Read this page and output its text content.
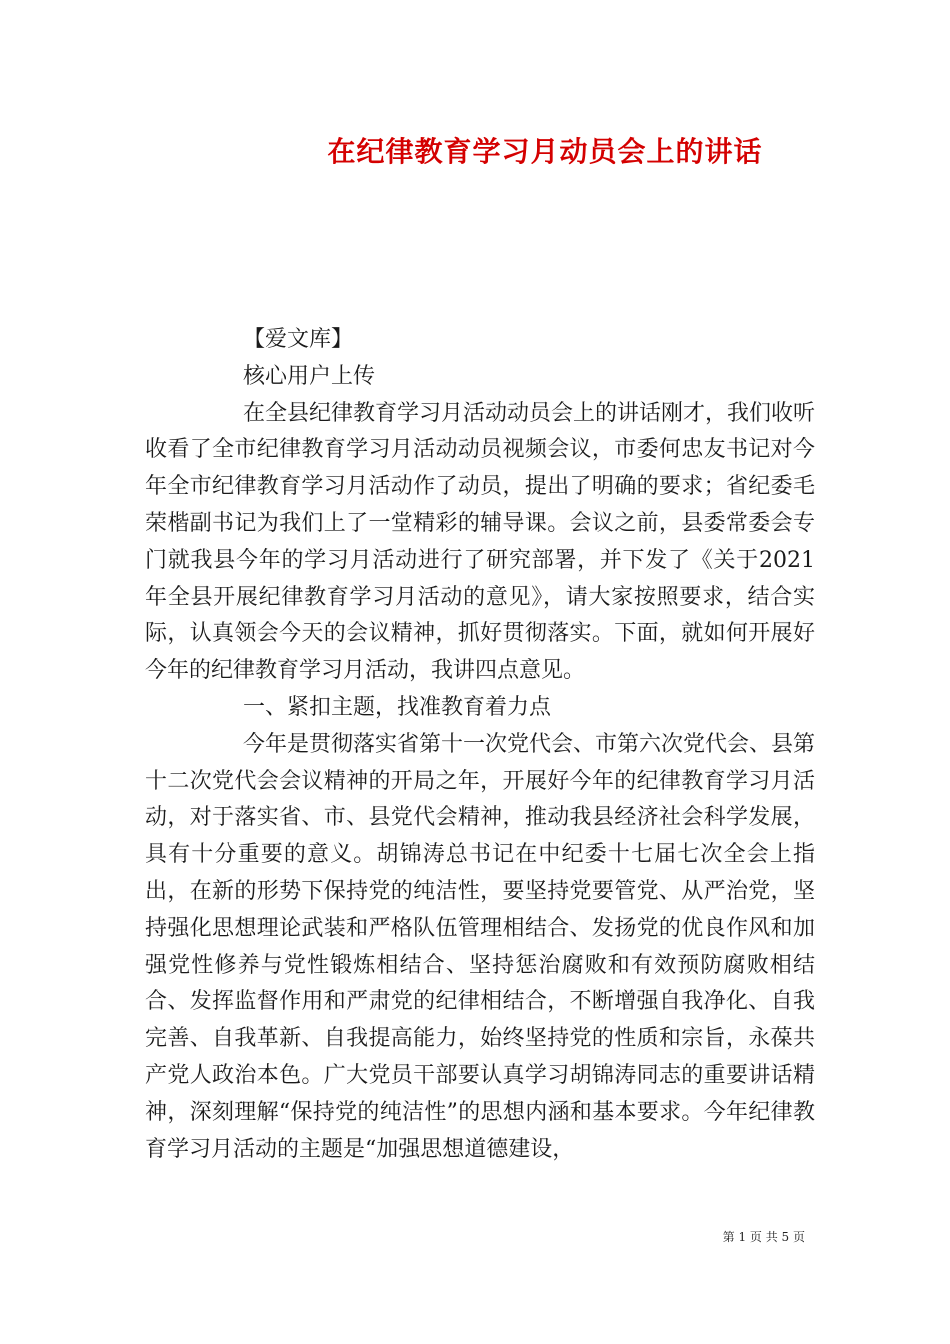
在纪律教育学习月动员会上的讲话
【爱文库】
核心用户上传

在全县纪律教育学习月活动动员会上的讲话刚才，我们收听收看了全市纪律教育学习月活动动员视频会议，市委何忠友书记对今年全市纪律教育学习月活动作了动员，提出了明确的要求；省纪委毛荣楷副书记为我们上了一堂精彩的辅导课。会议之前，县委常委会专门就我县今年的学习月活动进行了研究部署，并下发了《关于2021年全县开展纪律教育学习月活动的意见》，请大家按照要求，结合实际，认真领会今天的会议精神，抓好贯彻落实。下面，就如何开展好今年的纪律教育学习月活动，我讲四点意见。

一、紧扣主题，找准教育着力点

今年是贯彻落实省第十一次党代会、市第六次党代会、县第十二次党代会会议精神的开局之年，开展好今年的纪律教育学习月活动，对于落实省、市、县党代会精神，推动我县经济社会科学发展，具有十分重要的意义。胡锦涛总书记在中纪委十七届七次全会上指出，在新的形势下保持党的纯洁性，要坚持党要管党、从严治党，坚持强化思想理论武装和严格队伍管理相结合、发扬党的优良作风和加强党性修养与党性锻炼相结合、坚持惩治腐败和有效预防腐败相结合、发挥监督作用和严肃党的纪律相结合，不断增强自我净化、自我完善、自我革新、自我提高能力，始终坚持党的性质和宗旨，永葆共产党人政治本色。广大党员干部要认真学习胡锦涛同志的重要讲话精神，深刻理解“保持党的纯洁性”的思想内涵和基本要求。今年纪律教育学习月活动的主题是“加强思想道德建设，

第 1 页 共 5 页
